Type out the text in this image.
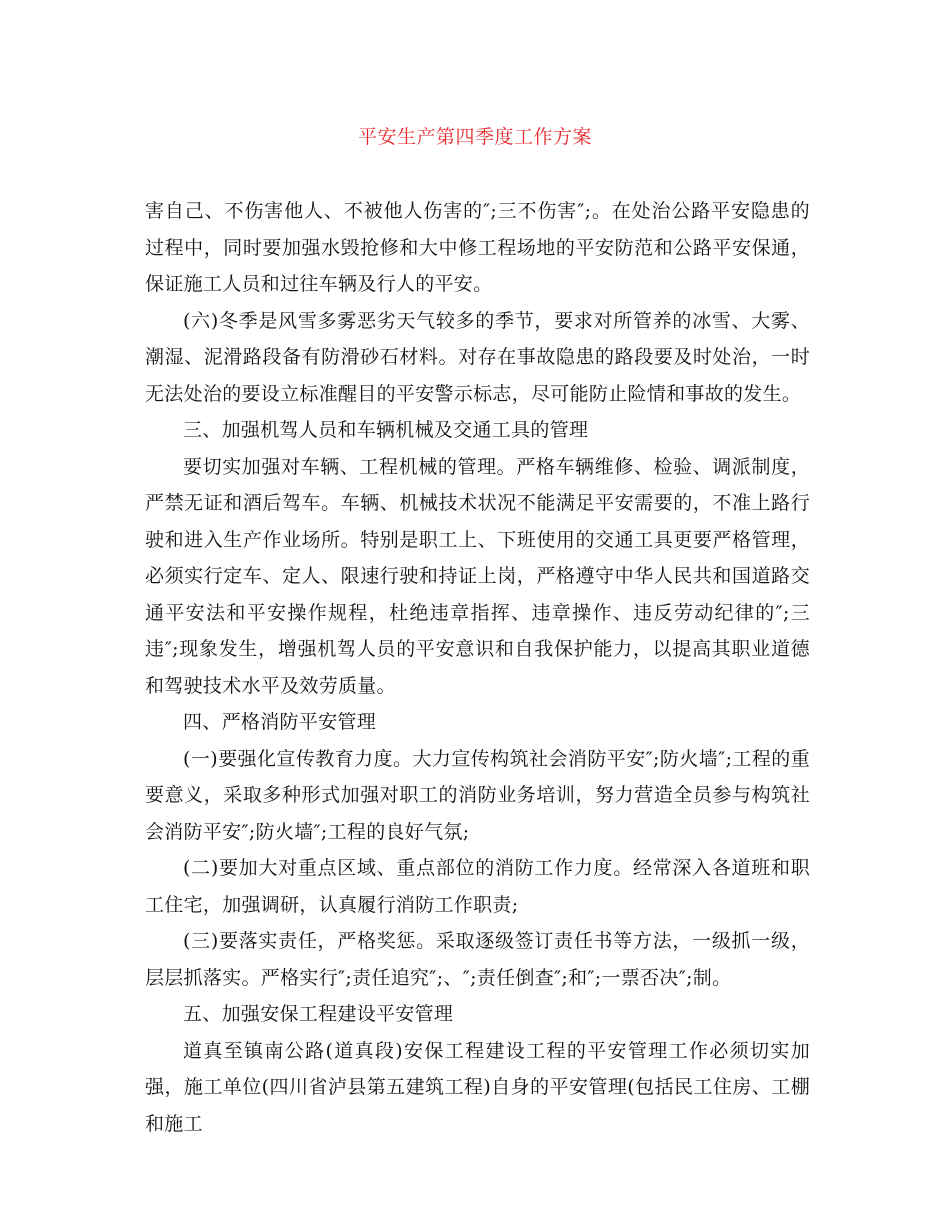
平安生产第四季度工作方案

害自己、不伤害他人、不被他人伤害的″;三不伤害″;。在处治公路平安隐患的过程中，同时要加强水毁抢修和大中修工程场地的平安防范和公路平安保通，保证施工人员和过往车辆及行人的平安。

(六)冬季是风雪多雾恶劣天气较多的季节，要求对所管养的冰雪、大雾、潮湿、泥滑路段备有防滑砂石材料。对存在事故隐患的路段要及时处治，一时无法处治的要设立标准醒目的平安警示标志，尽可能防止险情和事故的发生。

三、加强机驾人员和车辆机械及交通工具的管理

要切实加强对车辆、工程机械的管理。严格车辆维修、检验、调派制度，严禁无证和酒后驾车。车辆、机械技术状况不能满足平安需要的，不准上路行驶和进入生产作业场所。特别是职工上、下班使用的交通工具更要严格管理，必须实行定车、定人、限速行驶和持证上岗，严格遵守中华人民共和国道路交通平安法和平安操作规程，杜绝违章指挥、违章操作、违反劳动纪律的″;三违″;现象发生，增强机驾人员的平安意识和自我保护能力，以提高其职业道德和驾驶技术水平及效劳质量。

四、严格消防平安管理

(一)要强化宣传教育力度。大力宣传构筑社会消防平安″;防火墙″;工程的重要意义，采取多种形式加强对职工的消防业务培训，努力营造全员参与构筑社会消防平安″;防火墙″;工程的良好气氛;

(二)要加大对重点区域、重点部位的消防工作力度。经常深入各道班和职工住宅，加强调研，认真履行消防工作职责;

(三)要落实责任，严格奖惩。采取逐级签订责任书等方法，一级抓一级，层层抓落实。严格实行″;责任追究″;、″;责任倒查″;和″;一票否决″;制。

五、加强安保工程建设平安管理

道真至镇南公路(道真段)安保工程建设工程的平安管理工作必须切实加强，施工单位(四川省泸县第五建筑工程)自身的平安管理(包括民工住房、工棚和施工
